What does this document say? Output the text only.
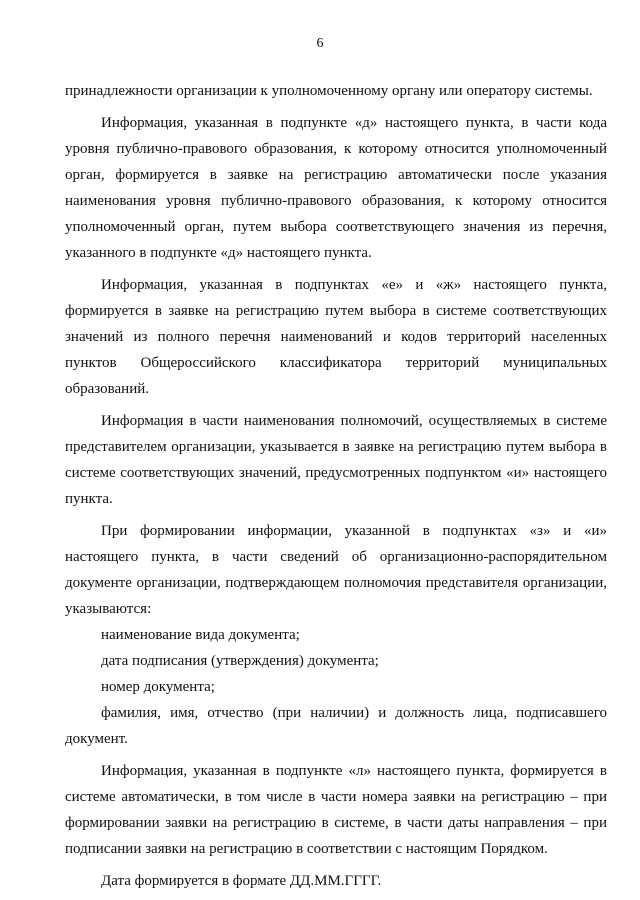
6

принадлежности организации к уполномоченному органу или оператору системы.

Информация, указанная в подпункте «д» настоящего пункта, в части кода уровня публично-правового образования, к которому относится уполномоченный орган, формируется в заявке на регистрацию автоматически после указания наименования уровня публично-правового образования, к которому относится уполномоченный орган, путем выбора соответствующего значения из перечня, указанного в подпункте «д» настоящего пункта.

Информация, указанная в подпунктах «е» и «ж» настоящего пункта, формируется в заявке на регистрацию путем выбора в системе соответствующих значений из полного перечня наименований и кодов территорий населенных пунктов Общероссийского классификатора территорий муниципальных образований.

Информация в части наименования полномочий, осуществляемых в системе представителем организации, указывается в заявке на регистрацию путем выбора в системе соответствующих значений, предусмотренных подпунктом «и» настоящего пункта.

При формировании информации, указанной в подпунктах «з» и «и» настоящего пункта, в части сведений об организационно-распорядительном документе организации, подтверждающем полномочия представителя организации, указываются:

наименование вида документа;

дата подписания (утверждения) документа;

номер документа;

фамилия, имя, отчество (при наличии) и должность лица, подписавшего документ.

Информация, указанная в подпункте «л» настоящего пункта, формируется в системе автоматически, в том числе в части номера заявки на регистрацию – при формировании заявки на регистрацию в системе, в части даты направления – при подписании заявки на регистрацию в соответствии с настоящим Порядком.

Дата формируется в формате ДД.ММ.ГГГГ.
